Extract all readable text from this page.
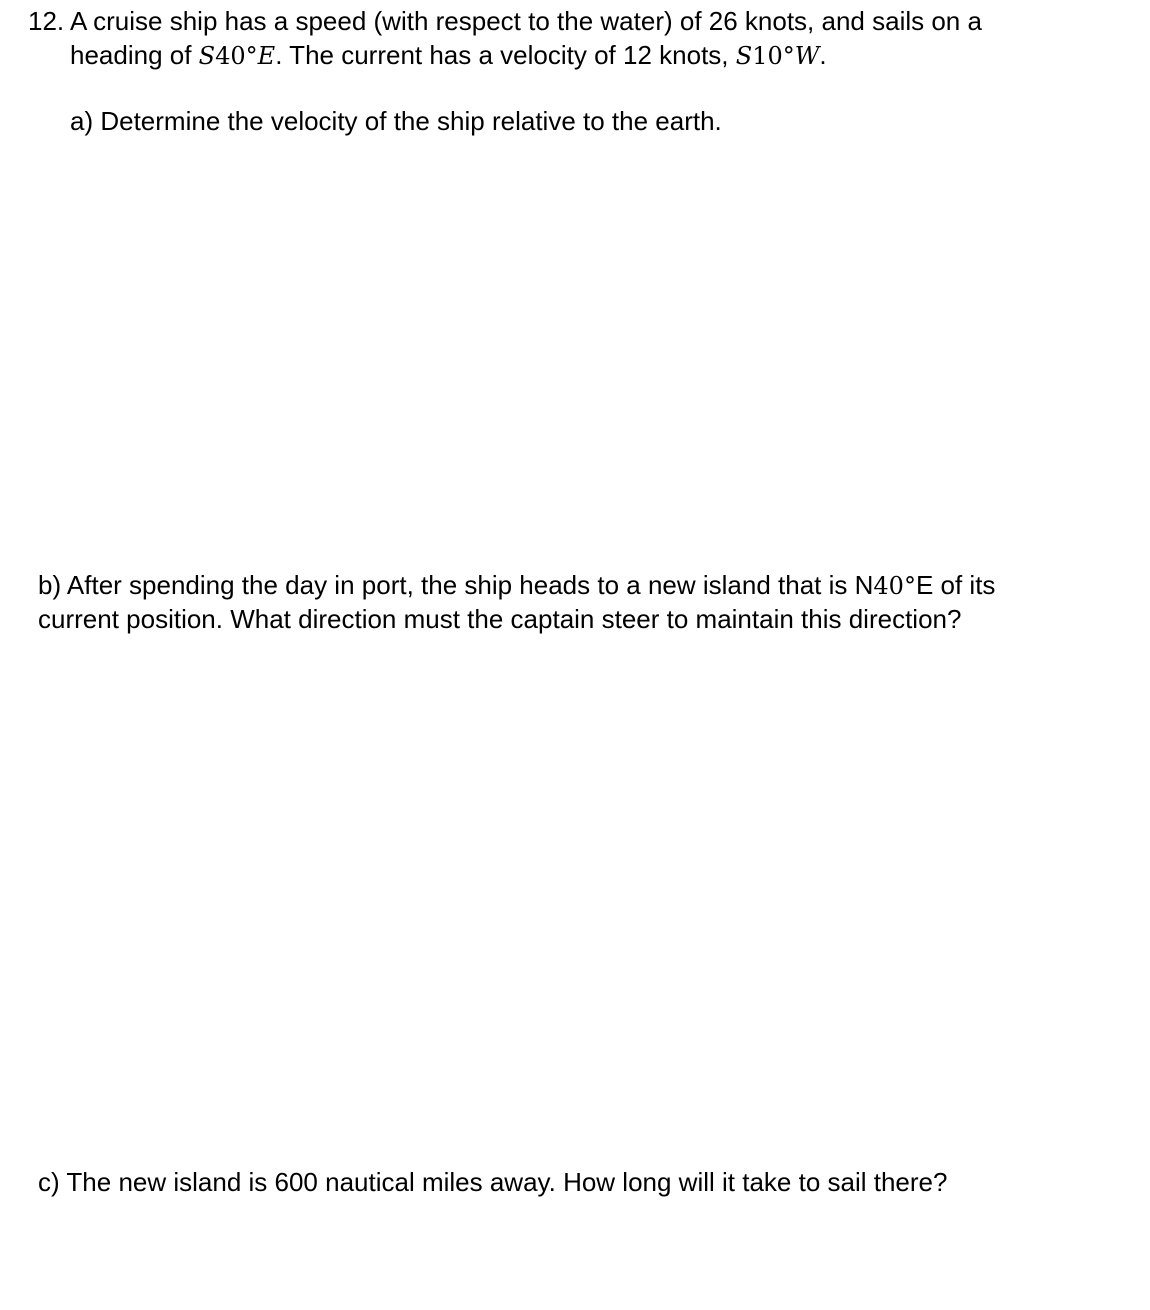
12. A cruise ship has a speed (with respect to the water) of 26 knots, and sails on a
heading of S40°E. The current has a velocity of 12 knots, S10°W.
a) Determine the velocity of the ship relative to the earth.
b) After spending the day in port, the ship heads to a new island that is N40°E of its
current position. What direction must the captain steer to maintain this direction?
c) The new island is 600 nautical miles away. How long will it take to sail there?
